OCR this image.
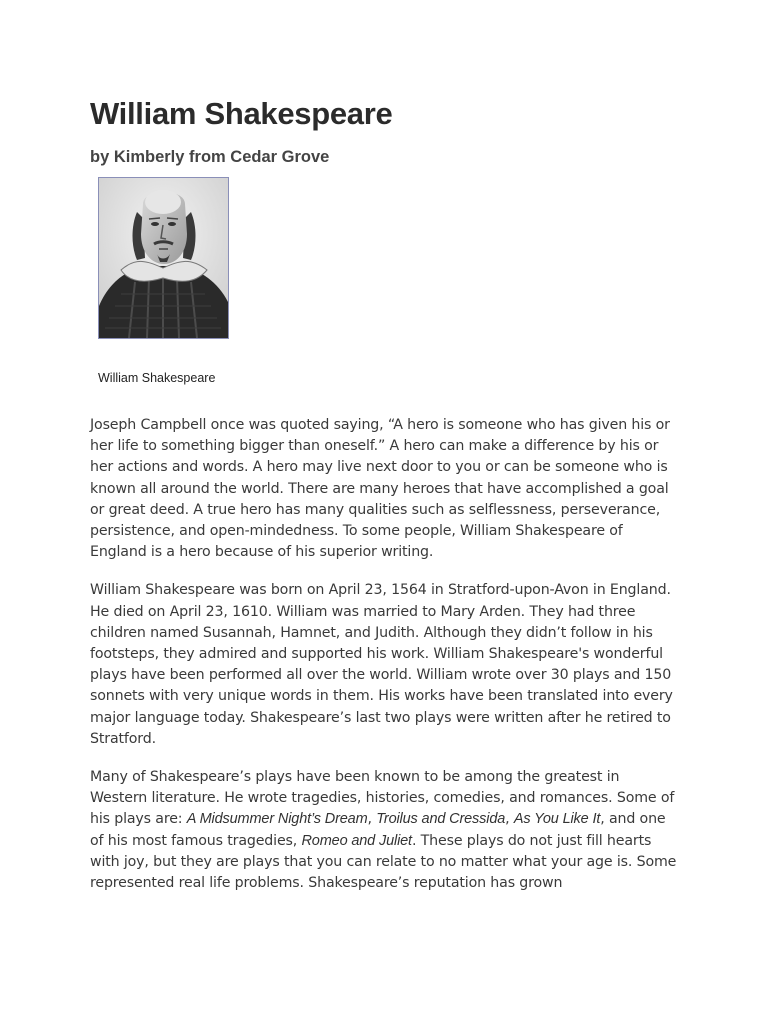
William Shakespeare
by Kimberly from Cedar Grove
William Shakespeare

Joseph Campbell once was quoted saying, “A hero is someone who has given his or her life to something bigger than oneself.” A hero can make a difference by his or her actions and words. A hero may live next door to you or can be someone who is known all around the world. There are many heroes that have accomplished a goal or great deed. A true hero has many qualities such as selflessness, perseverance, persistence, and open-mindedness. To some people, William Shakespeare of England is a hero because of his superior writing.

William Shakespeare was born on April 23, 1564 in Stratford-upon-Avon in England. He died on April 23, 1610. William was married to Mary Arden. They had three children named Susannah, Hamnet, and Judith. Although they didn’t follow in his footsteps, they admired and supported his work. William Shakespeare's wonderful plays have been performed all over the world. William wrote over 30 plays and 150 sonnets with very unique words in them. His works have been translated into every major language today. Shakespeare’s last two plays were written after he retired to Stratford.

Many of Shakespeare’s plays have been known to be among the greatest in Western literature. He wrote tragedies, histories, comedies, and romances. Some of his plays are: A Midsummer Night’s Dream, Troilus and Cressida, As You Like It, and one of his most famous tragedies, Romeo and Juliet. These plays do not just fill hearts with joy, but they are plays that you can relate to no matter what your age is. Some represented real life problems. Shakespeare’s reputation has grown
